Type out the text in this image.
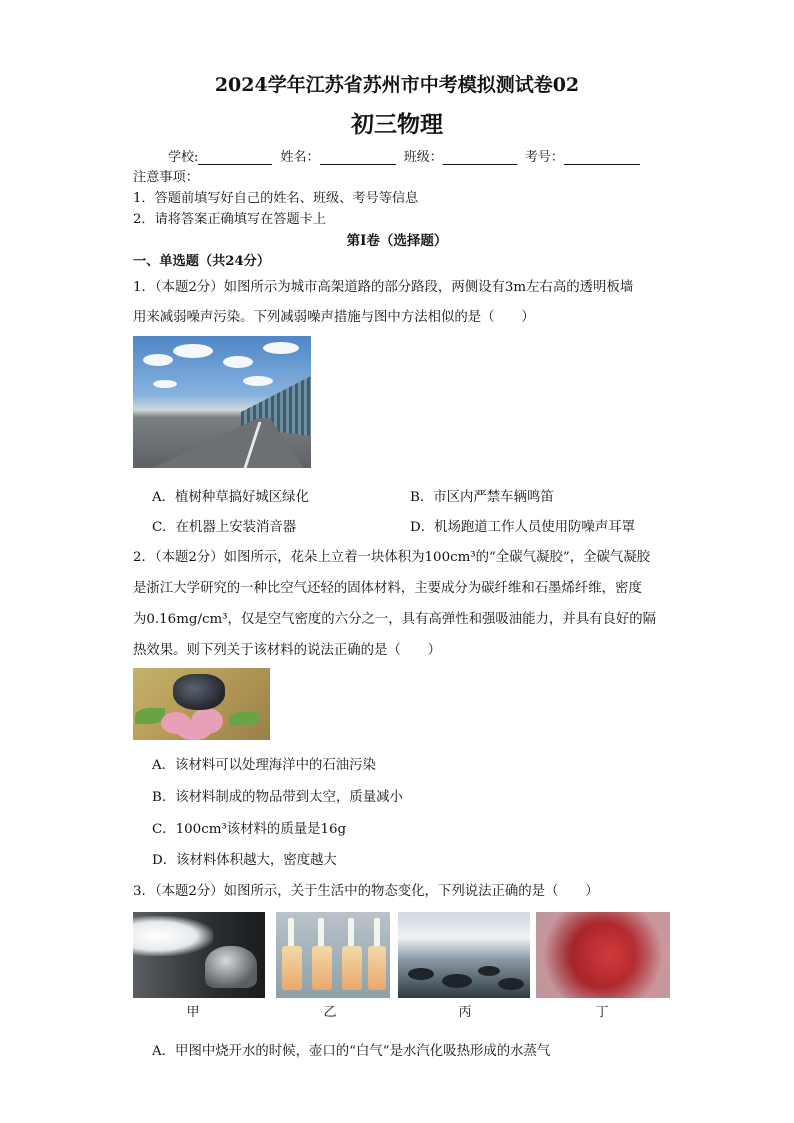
2024学年江苏省苏州市中考模拟测试卷02
初三物理
学校:	姓名：	班级：	考号：
注意事项：
1．答题前填写好自己的姓名、班级、考号等信息
2．请将答案正确填写在答题卡上
第I卷（选择题）
一、单选题（共24分）
1．（本题2分）如图所示为城市高架道路的部分路段，两侧设有3m左右高的透明板墙
用来减弱噪声污染。下列减弱噪声措施与图中方法相似的是（　　）
A．植树种草搞好城区绿化	B．市区内严禁车辆鸣笛
C．在机器上安装消音器	D．机场跑道工作人员使用防噪声耳罩
2．（本题2分）如图所示，花朵上立着一块体积为100cm³的“全碳气凝胶”，全碳气凝胶
是浙江大学研究的一种比空气还轻的固体材料，主要成分为碳纤维和石墨烯纤维，密度
为0.16mg/cm³，仅是空气密度的六分之一，具有高弹性和强吸油能力，并具有良好的隔
热效果。则下列关于该材料的说法正确的是（　　）
A．该材料可以处理海洋中的石油污染
B．该材料制成的物品带到太空，质量减小
C．100cm³该材料的质量是16g
D．该材料体积越大，密度越大
3．（本题2分）如图所示，关于生活中的物态变化，下列说法正确的是（　　）
甲	乙	丙	丁
A．甲图中烧开水的时候，壶口的“白气”是水汽化吸热形成的水蒸气
